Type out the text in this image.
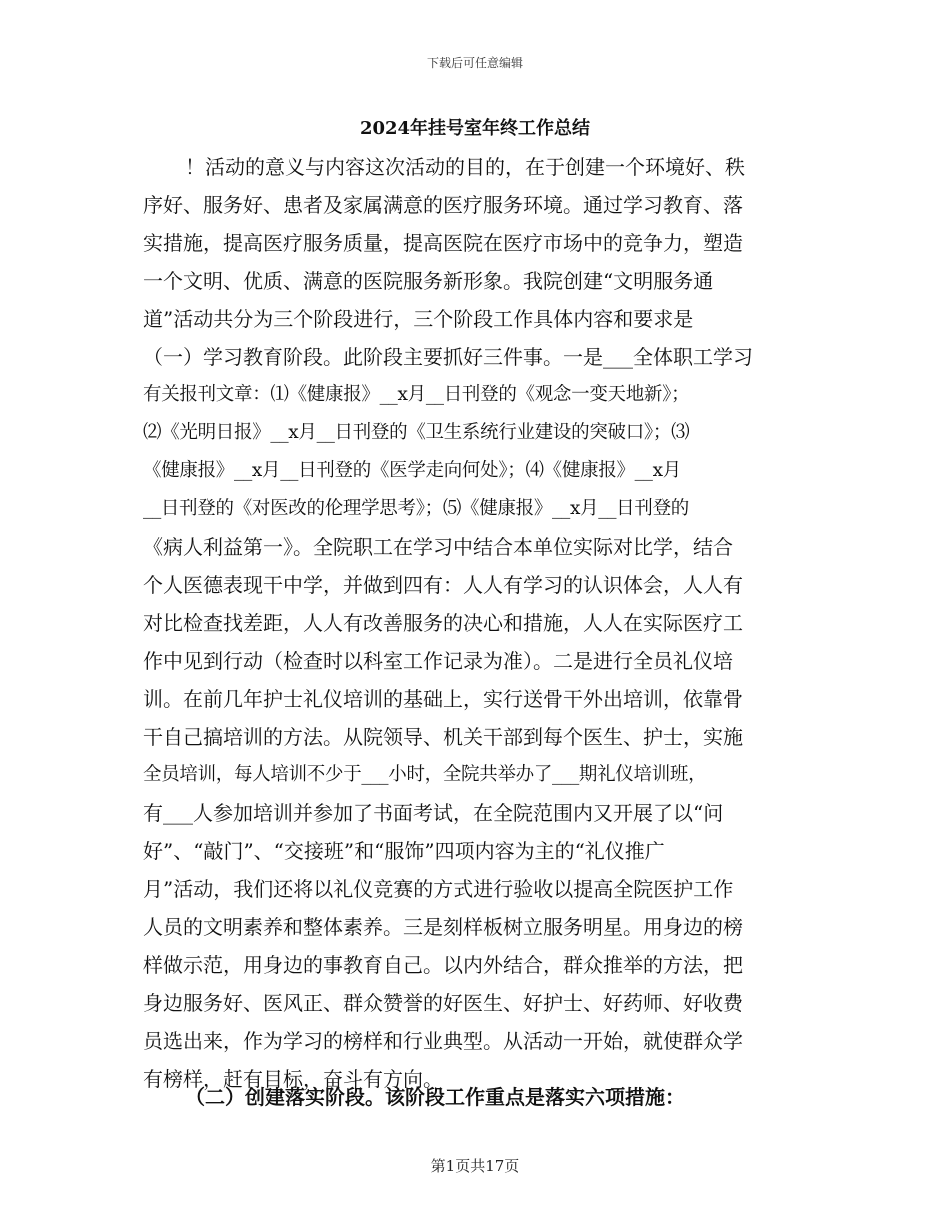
下载后可任意编辑
2024年挂号室年终工作总结
！活动的意义与内容这次活动的目的，在于创建一个环境好、秩
序好、服务好、患者及家属满意的医疗服务环境。通过学习教育、落
实措施，提高医疗服务质量，提高医院在医疗市场中的竞争力，塑造
一个文明、优质、满意的医院服务新形象。我院创建“文明服务通
道”活动共分为三个阶段进行，三个阶段工作具体内容和要求是
（一）学习教育阶段。此阶段主要抓好三件事。一是___全体职工学习
有关报刊文章：⑴《健康报》__x月__日刊登的《观念一变天地新》；
⑵《光明日报》__x月__日刊登的《卫生系统行业建设的突破口》；⑶
《健康报》__x月__日刊登的《医学走向何处》；⑷《健康报》__x月
__日刊登的《对医改的伦理学思考》；⑸《健康报》__x月__日刊登的
《病人利益第一》。全院职工在学习中结合本单位实际对比学，结合
个人医德表现干中学，并做到四有：人人有学习的认识体会，人人有
对比检查找差距，人人有改善服务的决心和措施，人人在实际医疗工
作中见到行动（检查时以科室工作记录为准）。二是进行全员礼仪培
训。在前几年护士礼仪培训的基础上，实行送骨干外出培训，依靠骨
干自己搞培训的方法。从院领导、机关干部到每个医生、护士，实施
全员培训，每人培训不少于___小时，全院共举办了___期礼仪培训班，
有___人参加培训并参加了书面考试，在全院范围内又开展了以“问
好”、“敲门”、“交接班”和“服饰”四项内容为主的“礼仪推广
月”活动，我们还将以礼仪竞赛的方式进行验收以提高全院医护工作
人员的文明素养和整体素养。三是刻样板树立服务明星。用身边的榜
样做示范，用身边的事教育自己。以内外结合，群众推举的方法，把
身边服务好、医风正、群众赞誉的好医生、好护士、好药师、好收费
员选出来，作为学习的榜样和行业典型。从活动一开始，就使群众学
有榜样，赶有目标，奋斗有方向。
（二）创建落实阶段。该阶段工作重点是落实六项措施：
第1页共17页
